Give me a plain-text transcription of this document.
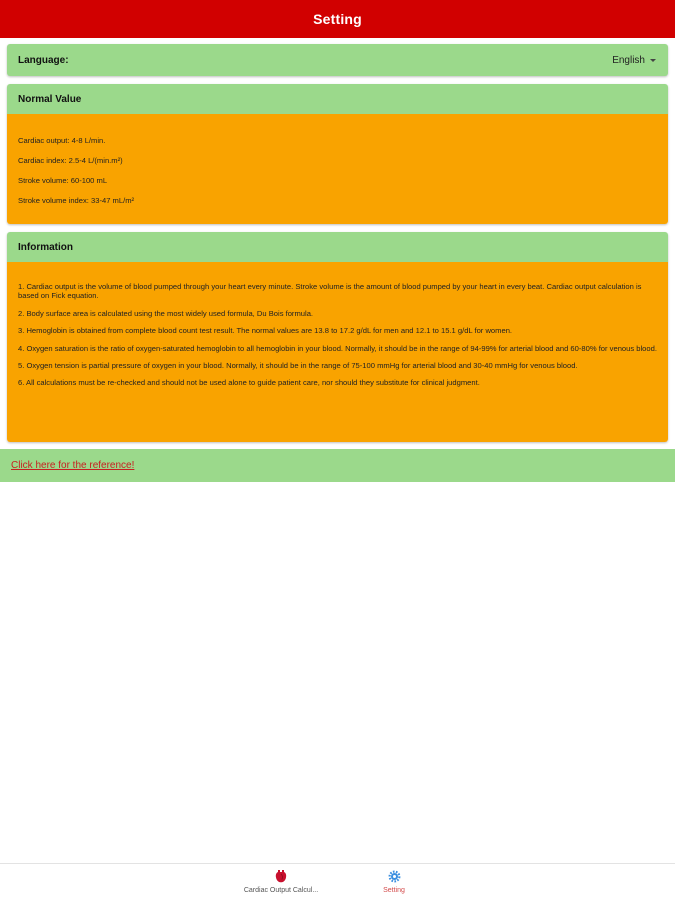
Setting
Language:	English
Normal Value
Cardiac output: 4-8 L/min.
Cardiac index: 2.5-4 L/(min.m²)
Stroke volume: 60-100 mL
Stroke volume index: 33-47 mL/m²
Information

1. Cardiac output is the volume of blood pumped through your heart every minute. Stroke volume is the amount of blood pumped by your heart in every beat. Cardiac output calculation is based on Fick equation.

2. Body surface area is calculated using the most widely used formula, Du Bois formula.

3. Hemoglobin is obtained from complete blood count test result. The normal values are 13.8 to 17.2 g/dL for men and 12.1 to 15.1 g/dL for women.

4. Oxygen saturation is the ratio of oxygen-saturated hemoglobin to all hemoglobin in your blood. Normally, it should be in the range of 94-99% for arterial blood and 60-80% for venous blood.

5. Oxygen tension is partial pressure of oxygen in your blood. Normally, it should be in the range of 75-100 mmHg for arterial blood and 30-40 mmHg for venous blood.

6. All calculations must be re-checked and should not be used alone to guide patient care, nor should they substitute for clinical judgment.

Click here for the reference!
Cardiac Output Calcul...	Setting
